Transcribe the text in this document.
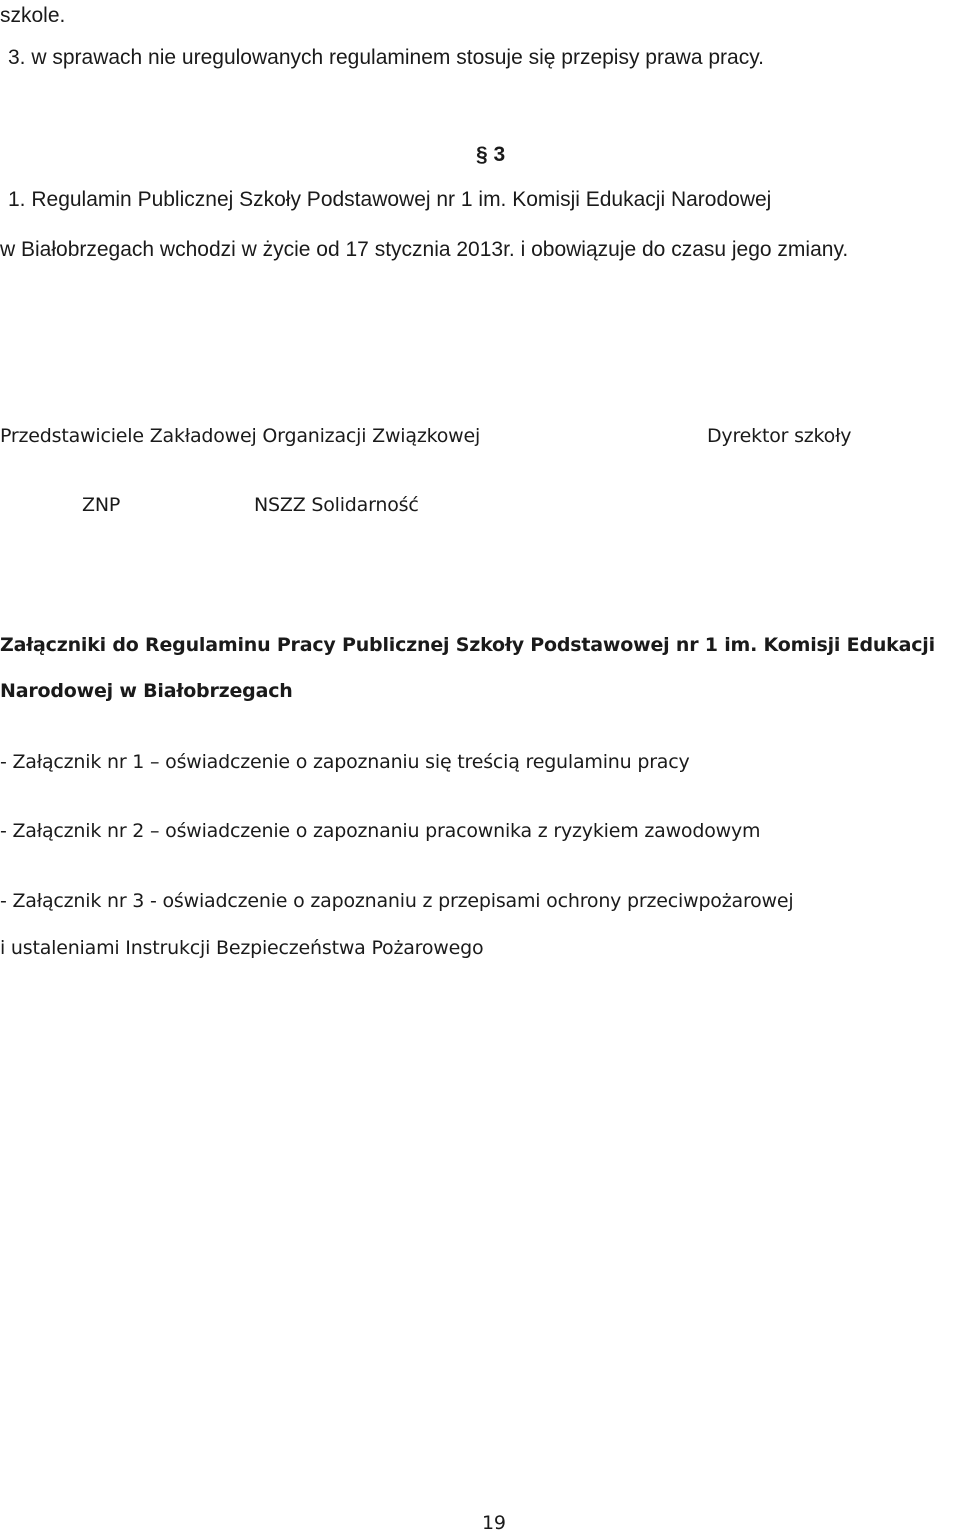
szkole.

3. w sprawach nie uregulowanych regulaminem stosuje się przepisy prawa pracy.

§ 3

1. Regulamin Publicznej Szkoły Podstawowej nr 1 im. Komisji Edukacji Narodowej

w Białobrzegach wchodzi w życie od 17 stycznia 2013r. i obowiązuje do czasu jego zmiany.

Przedstawiciele Zakładowej Organizacji Związkowej	Dyrektor szkoły

ZNP	NSZZ Solidarność

Załączniki do Regulaminu Pracy Publicznej Szkoły Podstawowej nr 1 im. Komisji Edukacji

Narodowej w Białobrzegach

- Załącznik nr 1 – oświadczenie o zapoznaniu się treścią regulaminu pracy

- Załącznik nr 2 – oświadczenie o zapoznaniu pracownika z ryzykiem zawodowym

- Załącznik nr 3 - oświadczenie o zapoznaniu z przepisami ochrony przeciwpożarowej

i ustaleniami Instrukcji Bezpieczeństwa Pożarowego

19
